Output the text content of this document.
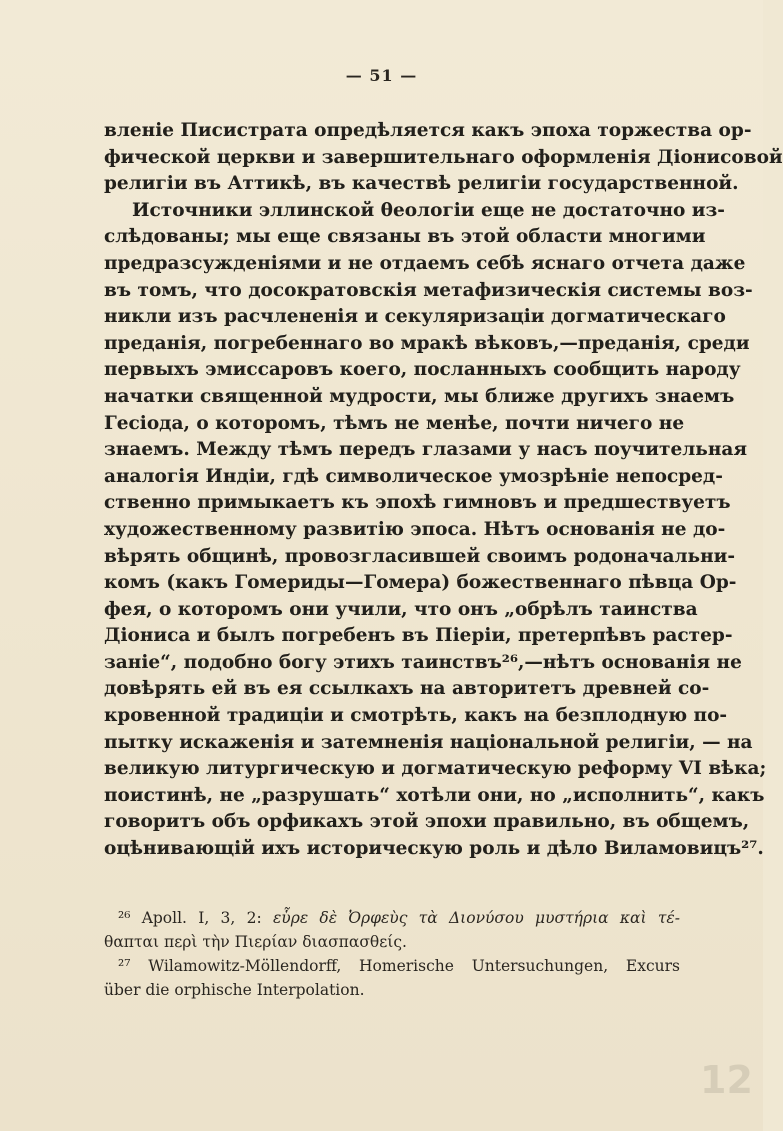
— 51 —
вленіе Писистрата опредѣляется какъ эпоха торжества ор-
фической церкви и завершительнаго оформленія Діонисовой
религіи въ Аттикѣ, въ качествѣ религіи государственной.
Источники эллинской θеологіи еще не достаточно из-
слѣдованы; мы еще связаны въ этой области многими
предразсужденіями и не отдаемъ себѣ яснаго отчета даже
въ томъ, что досократовскія метафизическія системы воз-
никли изъ расчлененія и секуляризаціи догматическаго
преданія, погребеннаго во мракѣ вѣковъ,—преданія, среди
первыхъ эмиссаровъ коего, посланныхъ сообщить народу
начатки священной мудрости, мы ближе другихъ знаемъ
Гесіода, о которомъ, тѣмъ не менѣе, почти ничего не
знаемъ. Между тѣмъ передъ глазами у насъ поучительная
аналогія Индіи, гдѣ символическое умозрѣніе непосред-
ственно примыкаетъ къ эпохѣ гимновъ и предшествуетъ
художественному развитію эпоса. Нѣтъ основанія не до-
вѣрять общинѣ, провозгласившей своимъ родоначальни-
комъ (какъ Гомериды—Гомера) божественнаго пѣвца Ор-
фея, о которомъ они учили, что онъ „обрѣлъ таинства
Діониса и былъ погребенъ въ Піеріи, претерпѣвъ растер-
заніе“, подобно богу этихъ таинствъ²⁶,—нѣтъ основанія не
довѣрять ей въ ея ссылкахъ на авторитетъ древней со-
кровенной традиціи и смотрѣть, какъ на безплодную по-
пытку искаженія и затемненія національной религіи, — на
великую литургическую и догматическую реформу VI вѣка;
поистинѣ, не „разрушать“ хотѣли они, но „исполнить“, какъ
говоритъ объ орфикахъ этой эпохи правильно, въ общемъ,
оцѣнивающій ихъ историческую роль и дѣло Виламовицъ²⁷.
²⁶ Apoll. I, 3, 2: εὗρε δὲ Ὀρφεὺς τὰ Διονύσου μυστήρια καὶ τέ-
θαπται περὶ τὴν Πιερίαν διασπασθείς.
²⁷ Wilamowitz-Möllendorff, Homerische Untersuchungen, Excurs
über die orphische Interpolation.
12
